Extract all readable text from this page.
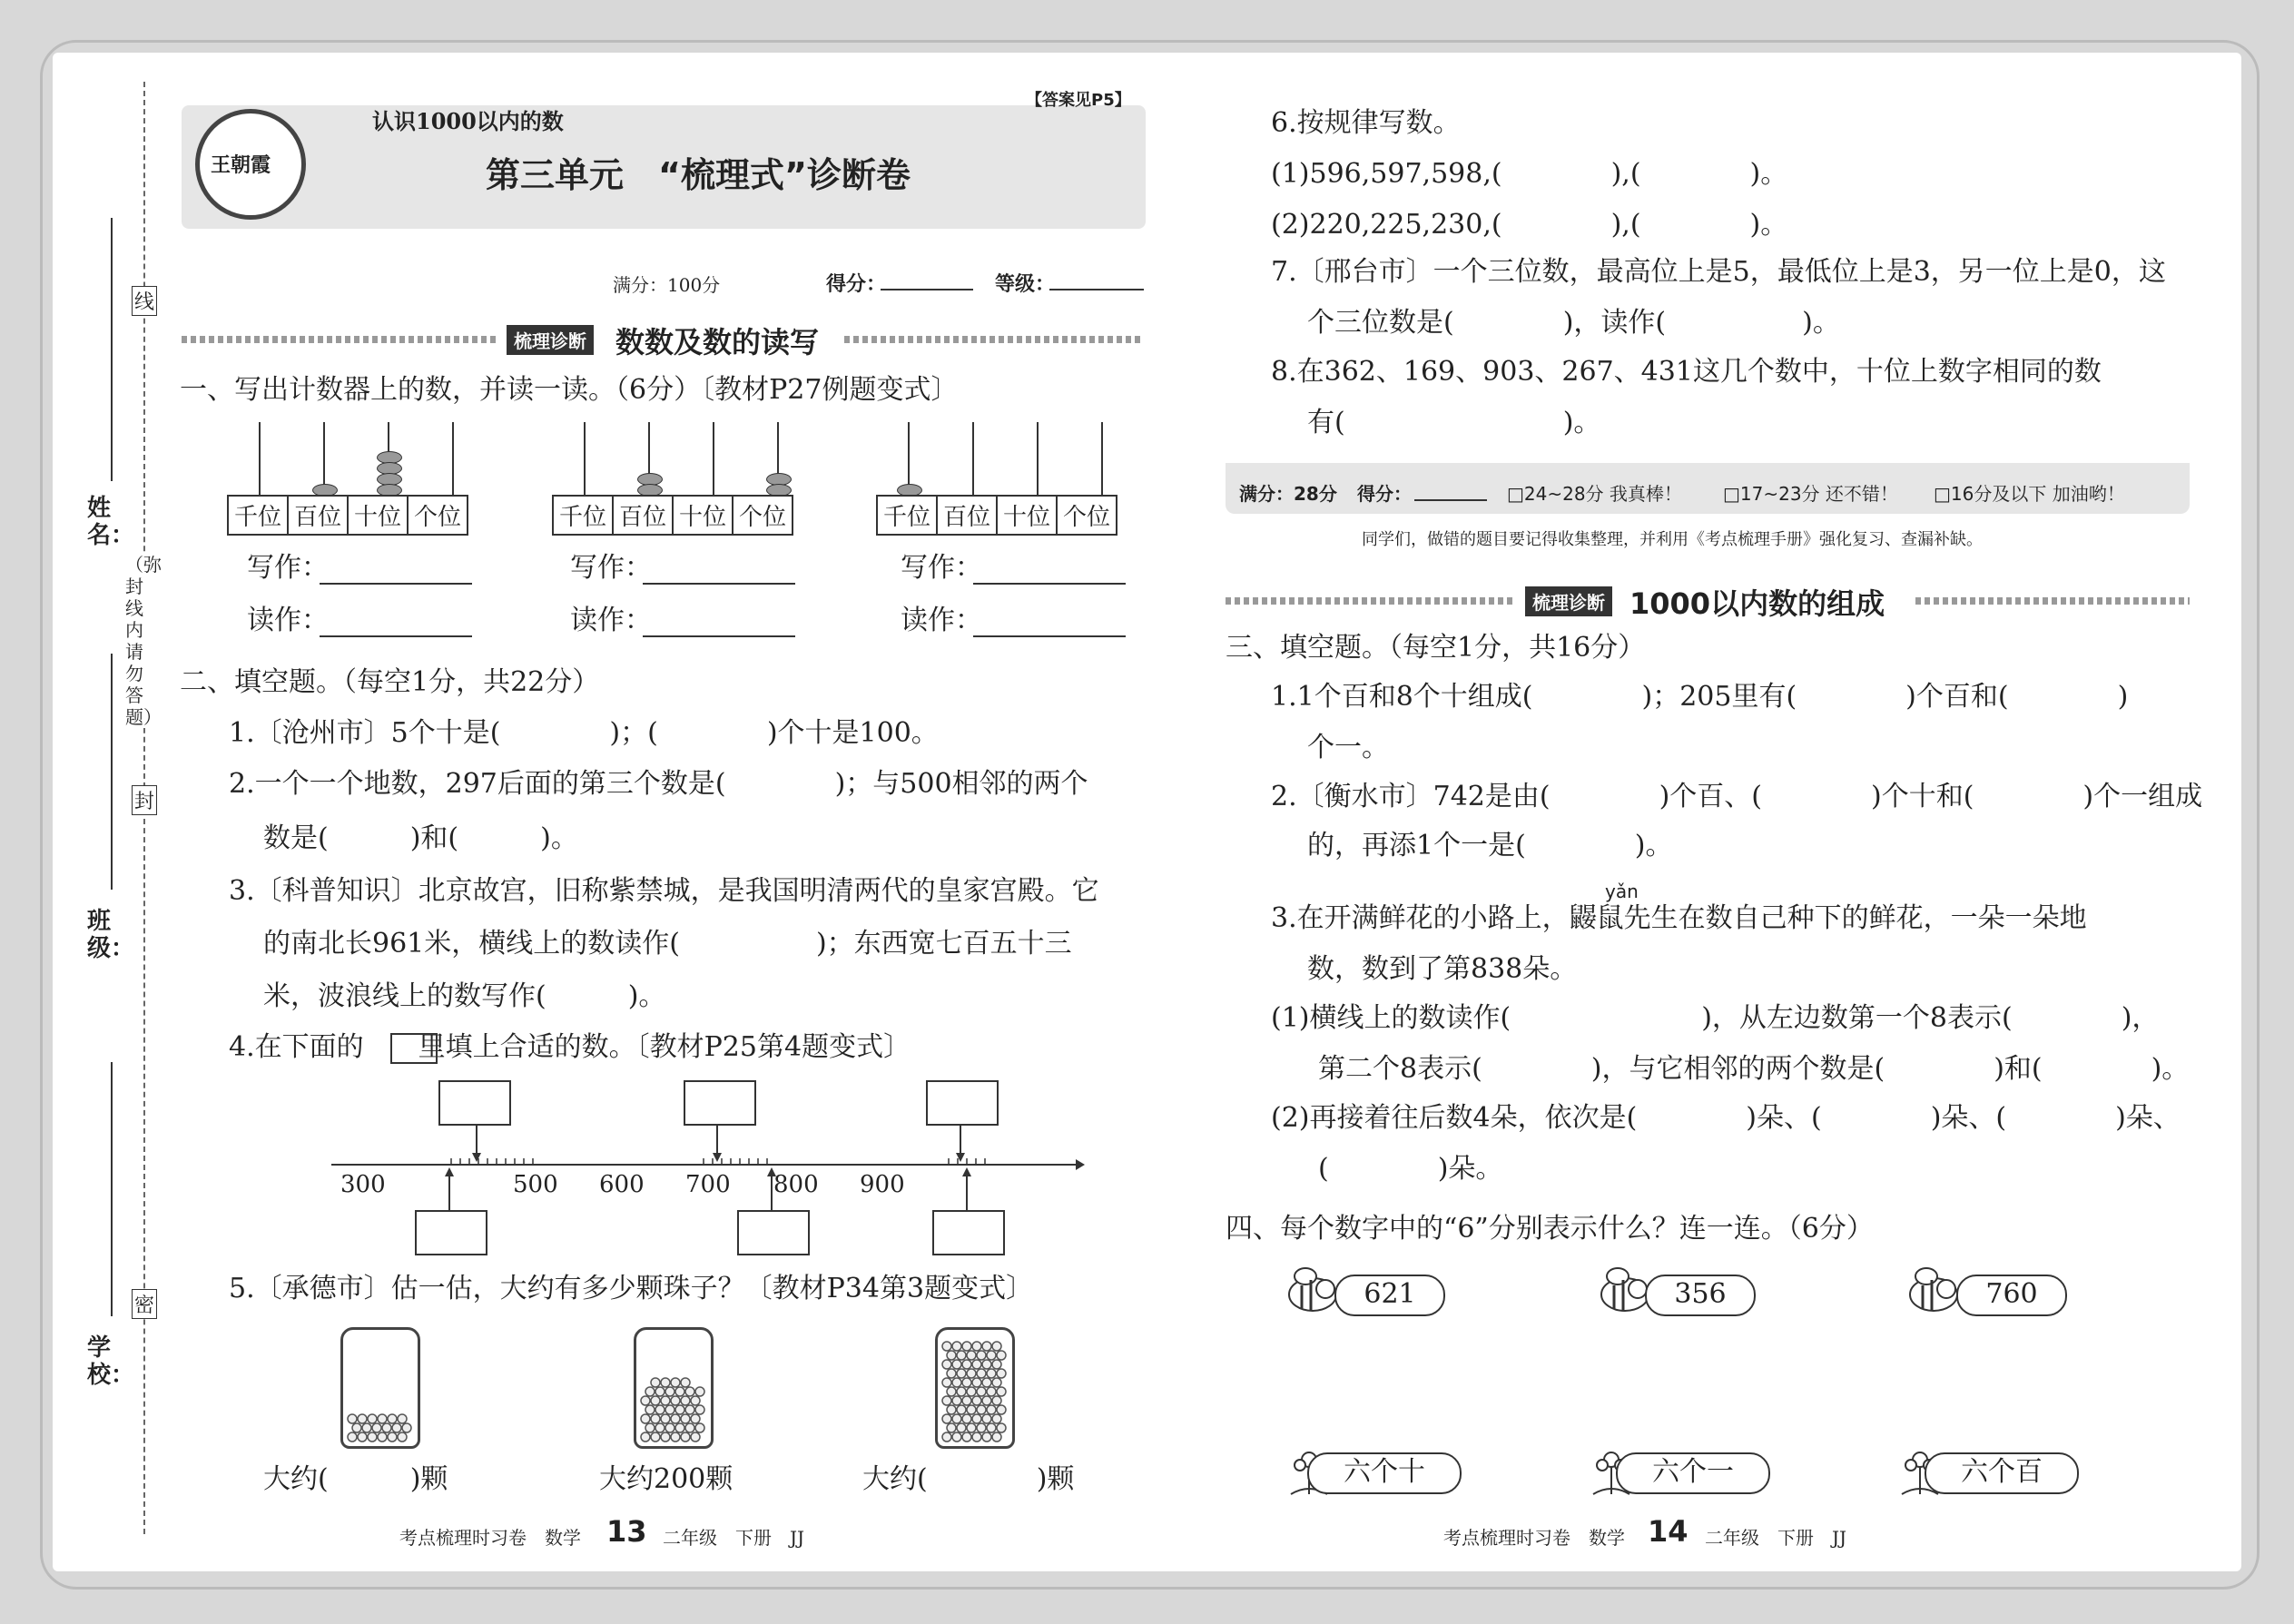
线
封
密
（弥封线内请勿答题）
姓名：
班级：
学校：
王朝霞
认识1000以内的数
【答案见P5】
第三单元　“梳理式”诊断卷
满分：100分	得分：	等级：
梳理诊断 数数及数的读写
一、写出计数器上的数，并读一读。（6分）〔教材P27例题变式〕
千位	百位	十位	个位	千位	百位	十位	个位	千位	百位	十位	个位
写作：
读作：
写作：
读作：
写作：
读作：
二、填空题。（每空1分，共22分）
1.〔沧州市〕5个十是(　　　　)；(　　　　)个十是100。
2.一个一个地数，297后面的第三个数是(　　　　)；与500相邻的两个
数是(　　　)和(　　　)。
3.〔科普知识〕北京故宫，旧称紫禁城，是我国明清两代的皇家宫殿。它
的南北长961米，横线上的数读作(　　　　　)；东西宽七百五十三
米，波浪线上的数写作(　　　)。
4.在下面的　　里填上合适的数。〔教材P25第4题变式〕
300	500 600 700 800 900
5.〔承德市〕估一估，大约有多少颗珠子？〔教材P34第3题变式〕
大约(　　　)颗	大约200颗	大约(　　　　)颗
考点梳理时习卷　数学 13 二年级　下册　JJ
6.按规律写数。
(1)596,597,598,(　　　　),(　　　　)。
(2)220,225,230,(　　　　),(　　　　)。
7.〔邢台市〕一个三位数，最高位上是5，最低位上是3，另一位上是0，这
个三位数是(　　　　)，读作(　　　　　)。
8.在362、169、903、267、431这几个数中，十位上数字相同的数
有(　　　　　　　　)。
满分：28分 得分：	□24~28分 我真棒！ □17~23分 还不错！ □16分及以下 加油哟！
同学们，做错的题目要记得收集整理，并利用《考点梳理手册》强化复习、查漏补缺。
梳理诊断 1000以内数的组成
三、填空题。（每空1分，共16分）
1.1个百和8个十组成(　　　　)；205里有(　　　　)个百和(　　　　)
个一。
2.〔衡水市〕742是由(　　　　)个百、(　　　　)个十和(　　　　)个一组成
的，再添1个一是(　　　　)。
yǎn
3.在开满鲜花的小路上，鼹鼠先生在数自己种下的鲜花，一朵一朵地
数，数到了第838朵。
(1)横线上的数读作(　　　　　　　)，从左边数第一个8表示(　　　　)，
第二个8表示(　　　　)，与它相邻的两个数是(　　　　)和(　　　　)。
(2)再接着往后数4朵，依次是(　　　　)朵、(　　　　)朵、(　　　　)朵、
(　　　　)朵。
四、每个数字中的“6”分别表示什么？连一连。（6分）
621	356	760
六个十	六个一	六个百
考点梳理时习卷　数学 14 二年级　下册　JJ
